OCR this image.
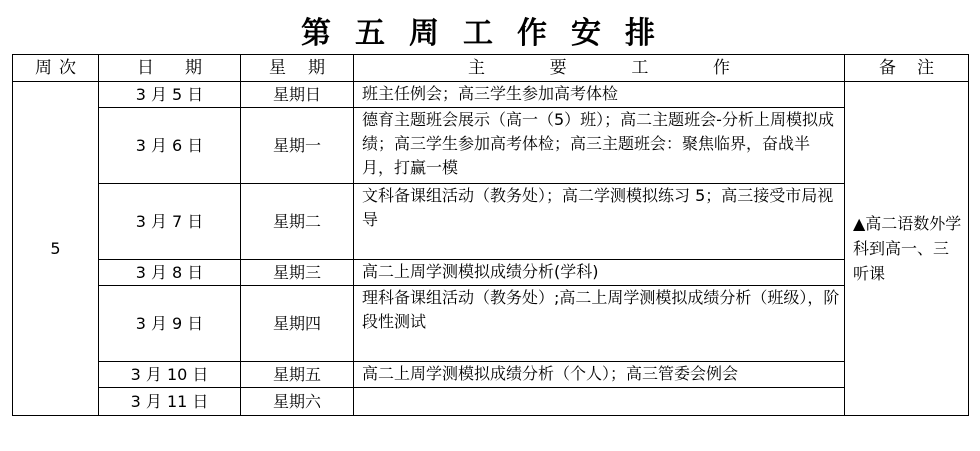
第五周工作安排
周 次	日 期	星 期	主 要 工 作	备 注

5	3 月 5 日	星期日	班主任例会；高三学生参加高考体检	▲高二语数外学科到高一、三听课
	3 月 6 日	星期一	德育主题班会展示（高一（5）班）；高二主题班会-分析上周模拟成绩；高三学生参加高考体检；高三主题班会：聚焦临界，奋战半月，打赢一模	
	3 月 7 日	星期二	文科备课组活动（教务处）；高二学测模拟练习 5；高三接受市局视导	
	3 月 8 日	星期三	高二上周学测模拟成绩分析(学科)	
	3 月 9 日	星期四	理科备课组活动（教务处）;高二上周学测模拟成绩分析（班级），阶段性测试	
	3 月 10 日	星期五	高二上周学测模拟成绩分析（个人）；高三管委会例会	
	3 月 11 日	星期六		
